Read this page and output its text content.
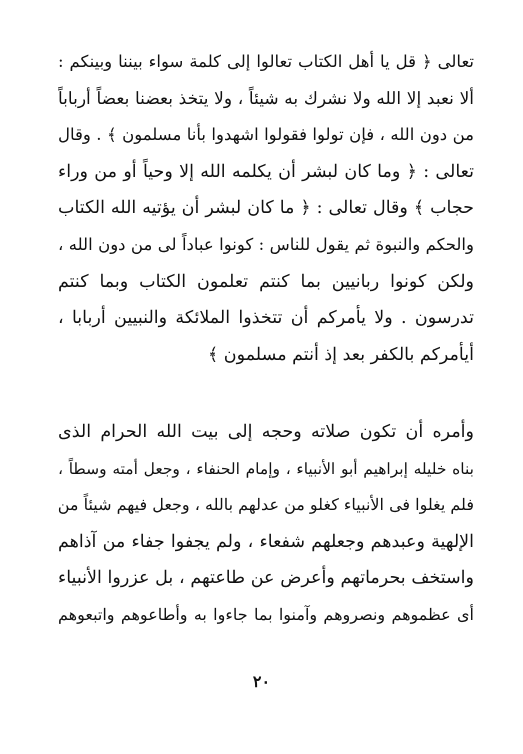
تعالى ﴿ قل يا أهل الكتاب تعالوا إلى كلمة سواء بيننا وبينكم :
ألا نعبد إلا الله ولا نشرك به شيئاً ، ولا يتخذ بعضنا بعضاً أرباباً
من دون الله ، فإن تولوا فقولوا اشهدوا بأنا مسلمون ﴾ . وقال
تعالى : ﴿ وما كان لبشر أن يكلمه الله إلا وحياً أو من وراء
حجاب ﴾ وقال تعالى : ﴿ ما كان لبشر أن يؤتيه الله الكتاب
والحكم والنبوة ثم يقول للناس : كونوا عباداً لى من دون الله ،
ولكن كونوا ربانيين بما كنتم تعلمون الكتاب وبما كنتم
تدرسون . ولا يأمركم أن تتخذوا الملائكة والنبيين أربابا ،
أيأمركم بالكفر بعد إذ أنتم مسلمون ﴾
وأمره أن تكون صلاته وحجه إلى بيت الله الحرام الذى
بناه خليله إبراهيم أبو الأنبياء ، وإمام الحنفاء ، وجعل أمته وسطاً ،
فلم يغلوا فى الأنبياء كغلو من عدلهم بالله ، وجعل فيهم شيئاً من
الإلهية وعبدهم وجعلهم شفعاء ، ولم يجفوا جفاء من آذاهم
واستخف بحرماتهم وأعرض عن طاعتهم ، بل عزروا الأنبياء
أى عظموهم ونصروهم وآمنوا بما جاءوا به وأطاعوهم واتبعوهم
٢٠
